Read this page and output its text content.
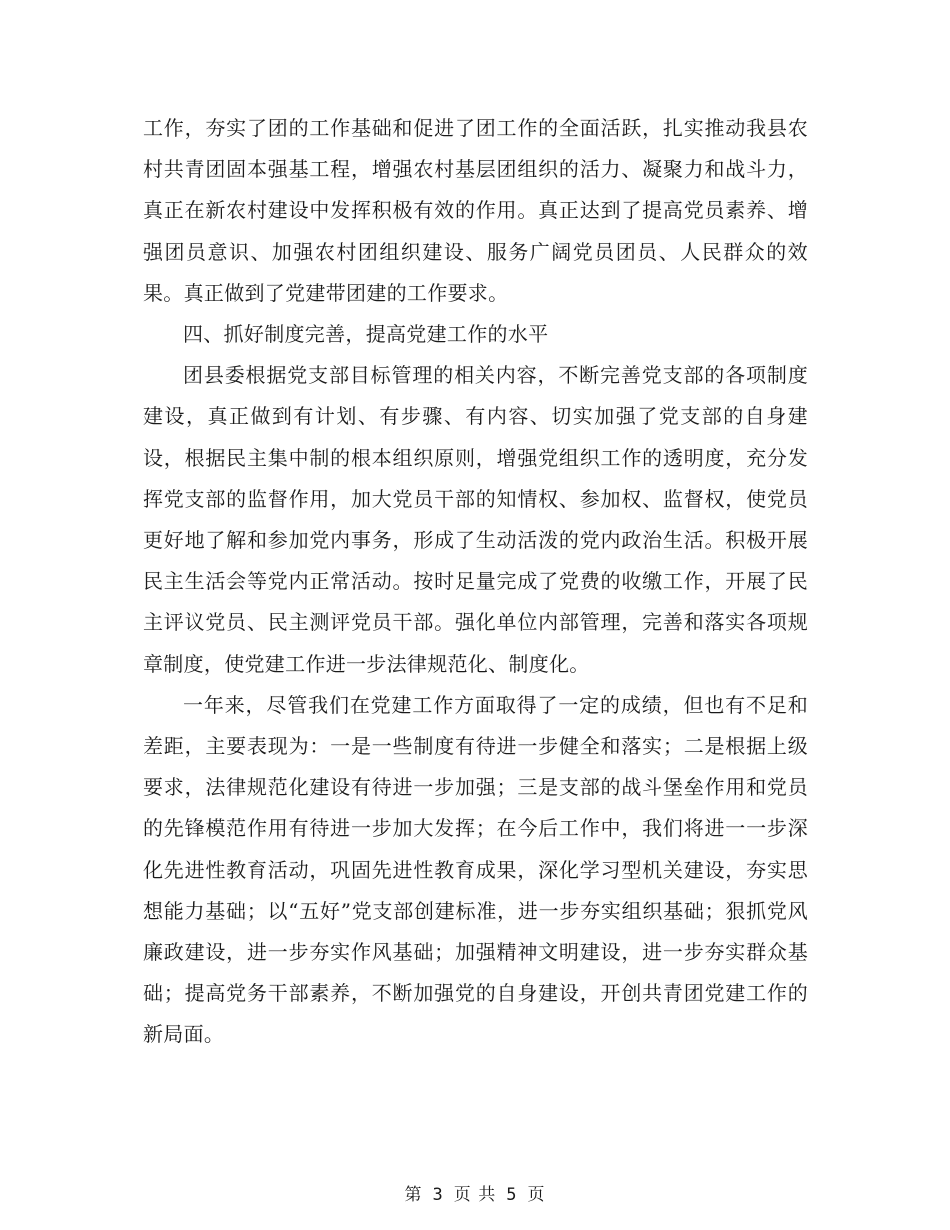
工作，夯实了团的工作基础和促进了团工作的全面活跃，扎实推动我县农村共青团固本强基工程，增强农村基层团组织的活力、凝聚力和战斗力，真正在新农村建设中发挥积极有效的作用。真正达到了提高党员素养、增强团员意识、加强农村团组织建设、服务广阔党员团员、人民群众的效果。真正做到了党建带团建的工作要求。

四、抓好制度完善，提高党建工作的水平

团县委根据党支部目标管理的相关内容，不断完善党支部的各项制度建设，真正做到有计划、有步骤、有内容、切实加强了党支部的自身建设，根据民主集中制的根本组织原则，增强党组织工作的透明度，充分发挥党支部的监督作用，加大党员干部的知情权、参加权、监督权，使党员更好地了解和参加党内事务，形成了生动活泼的党内政治生活。积极开展民主生活会等党内正常活动。按时足量完成了党费的收缴工作，开展了民主评议党员、民主测评党员干部。强化单位内部管理，完善和落实各项规章制度，使党建工作进一步法律规范化、制度化。

一年来，尽管我们在党建工作方面取得了一定的成绩，但也有不足和差距，主要表现为：一是一些制度有待进一步健全和落实；二是根据上级要求，法律规范化建设有待进一步加强；三是支部的战斗堡垒作用和党员的先锋模范作用有待进一步加大发挥；在今后工作中，我们将进一一步深化先进性教育活动，巩固先进性教育成果，深化学习型机关建设，夯实思想能力基础；以“五好”党支部创建标准，进一步夯实组织基础；狠抓党风廉政建设，进一步夯实作风基础；加强精神文明建设，进一步夯实群众基础；提高党务干部素养，不断加强党的自身建设，开创共青团党建工作的新局面。

第 3 页 共 5 页
